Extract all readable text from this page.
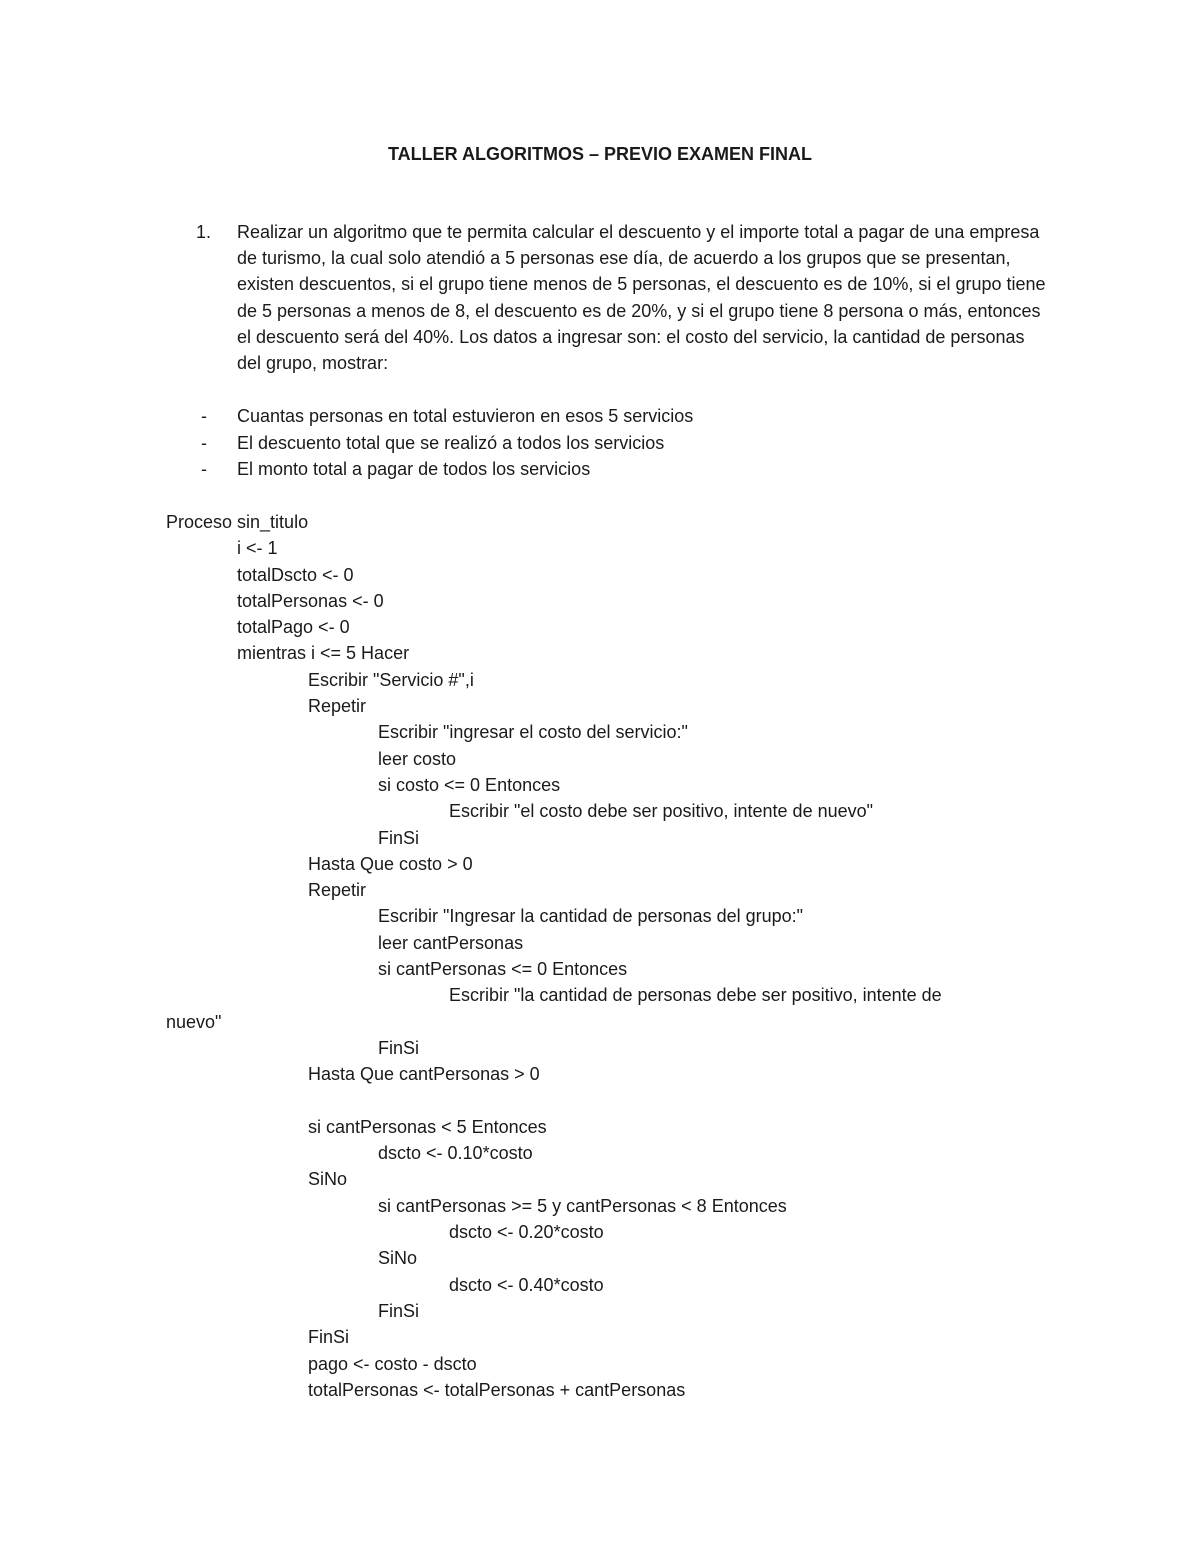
TALLER ALGORITMOS – PREVIO EXAMEN FINAL
1. Realizar un algoritmo que te permita calcular el descuento y el importe total a pagar de una empresa de turismo, la cual solo atendió a 5 personas ese día, de acuerdo a los grupos que se presentan, existen descuentos, si el grupo tiene menos de 5 personas, el descuento es de 10%, si el grupo tiene de 5 personas a menos de 8, el descuento es de 20%, y si el grupo tiene 8 persona o más, entonces el descuento será del 40%. Los datos a ingresar son: el costo del servicio, la cantidad de personas del grupo, mostrar:
- Cuantas personas en total estuvieron en esos 5 servicios
- El descuento total que se realizó a todos los servicios
- El monto total a pagar de todos los servicios
Proceso sin_titulo
i <- 1
totalDscto <- 0
totalPersonas <- 0
totalPago <- 0
mientras i <= 5 Hacer
Escribir "Servicio #",i
Repetir
Escribir "ingresar el costo del servicio:"
leer costo
si costo <= 0 Entonces
Escribir "el costo debe ser positivo, intente de nuevo"
FinSi
Hasta Que costo > 0
Repetir
Escribir "Ingresar la cantidad de personas del grupo:"
leer cantPersonas
si cantPersonas <= 0 Entonces
Escribir "la cantidad de personas debe ser positivo, intente de
nuevo"
FinSi
Hasta Que cantPersonas > 0
si cantPersonas < 5 Entonces
dscto <- 0.10*costo
SiNo
si cantPersonas >= 5 y cantPersonas < 8 Entonces
dscto <- 0.20*costo
SiNo
dscto <- 0.40*costo
FinSi
FinSi
pago <- costo - dscto
totalPersonas <- totalPersonas + cantPersonas
